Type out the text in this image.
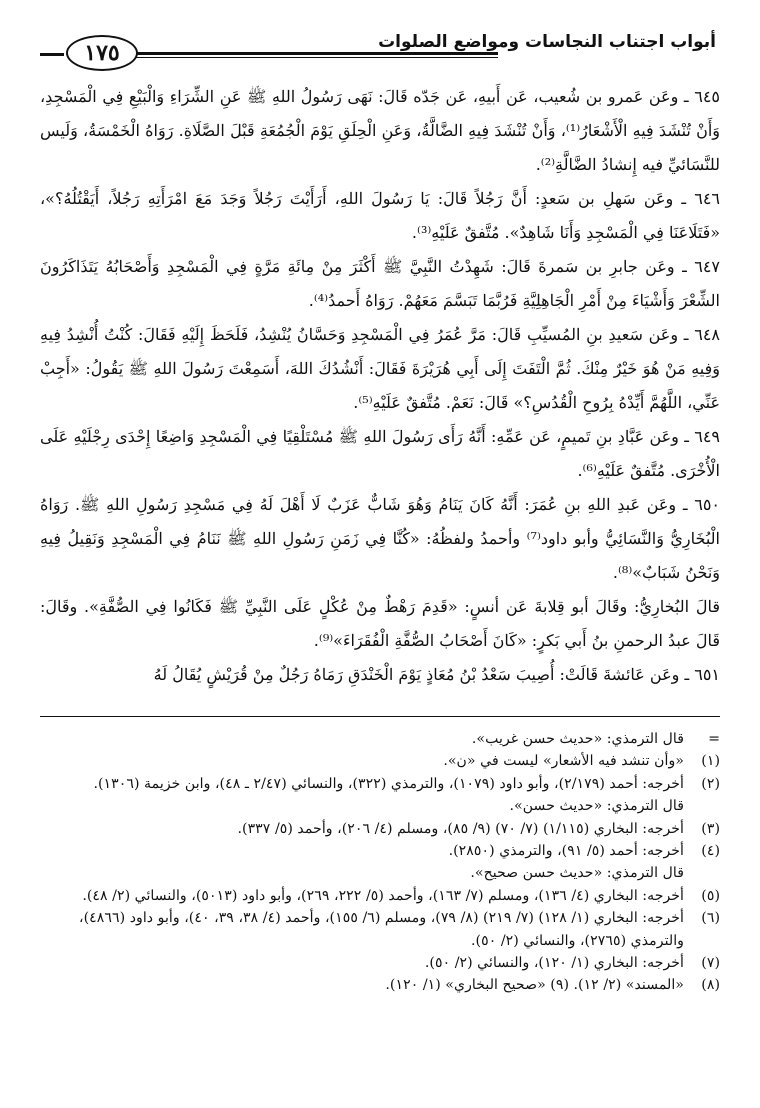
أبواب اجتناب النجاسات ومواضع الصلوات
١٧٥

٦٤٥ ـ وعَن عَمرو بن شُعيب، عَن أَبيهِ، عَن جَدّه قَالَ: نَهَى رَسُولُ اللهِ ﷺ عَنِ الشِّرَاءِ وَالْبَيْعِ فِي الْمَسْجِدِ، وَأَنْ تُنْشَدَ فِيهِ الْأَشْعَارُ⁽¹⁾، وَأَنْ تُنْشَدَ فِيهِ الضَّالَّةُ، وَعَنِ الْحِلَقِ يَوْمَ الْجُمُعَةِ قَبْلَ الصَّلَاةِ. رَوَاهُ الْخَمْسَةُ، وَلَيس للنَّسَائيِّ فيه إِنشادُ الضَّالَّةِ⁽²⁾.

٦٤٦ ـ وعَن سَهلِ بن سَعدٍ: أَنَّ رَجُلاً قَالَ: يَا رَسُولَ اللهِ، أَرَأَيْتَ رَجُلاً وَجَدَ مَعَ امْرَأَتِهِ رَجُلاً، أَيَقْتُلُهُ؟»، «فَتَلَاعَنَا فِي الْمَسْجِدِ وَأَنَا شَاهِدٌ». مُتَّفقٌ عَلَيْهِ⁽³⁾.

٦٤٧ ـ وعَن جابرِ بن سَمرةَ قَالَ: شَهِدْتُ النَّبِيَّ ﷺ أَكْثَرَ مِنْ مِائَةِ مَرَّةٍ فِي الْمَسْجِدِ وَأَصْحَابُهُ يَتَذَاكَرُونَ الشِّعْرَ وَأَشْيَاءَ مِنْ أَمْرِ الْجَاهِلِيَّةِ فَرُبَّمَا تَبَسَّمَ مَعَهُمْ. رَوَاهُ أَحمدُ⁽⁴⁾.

٦٤٨ ـ وعَن سَعيدِ بنِ المُسيِّبِ قَالَ: مَرَّ عُمَرُ فِي الْمَسْجِدِ وَحَسَّانُ يُنْشِدُ، فَلَحَظَ إِلَيْهِ فَقَالَ: كُنْتُ أُنْشِدُ فِيهِ وَفِيهِ مَنْ هُوَ خَيْرٌ مِنْكَ. ثُمَّ الْتَفَتَ إِلَى أَبِي هُرَيْرَةَ فَقَالَ: أَنْشُدُكَ اللهَ، أَسَمِعْتَ رَسُولَ اللهِ ﷺ يَقُولُ: «أَجِبْ عَنِّي، اللَّهُمَّ أَيِّدْهُ بِرُوحِ الْقُدُسِ؟» قَالَ: نَعَمْ. مُتَّفقٌ عَلَيْهِ⁽⁵⁾.

٦٤٩ ـ وعَن عَبَّادِ بنِ تَميمٍ، عَن عَمِّهِ: أَنَّهُ رَأَى رَسُولَ اللهِ ﷺ مُسْتَلْقِيًا فِي الْمَسْجِدِ وَاضِعًا إِحْدَى رِجْلَيْهِ عَلَى الْأُخْرَى. مُتَّفقٌ عَلَيْهِ⁽⁶⁾.

٦٥٠ ـ وعَن عَبدِ اللهِ بنِ عُمَرَ: أَنَّهُ كَانَ يَنَامُ وَهُوَ شَابٌّ عَزَبٌ لَا أَهْلَ لَهُ فِي مَسْجِدِ رَسُولِ اللهِ ﷺ. رَوَاهُ الْبُخَارِيُّ وَالنَّسَائِيُّ وأبو داود⁽⁷⁾ وأحمدُ ولفظُهُ: «كُنَّا فِي زَمَنِ رَسُولِ اللهِ ﷺ نَنَامُ فِي الْمَسْجِدِ وَنَقِيلُ فِيهِ وَنَحْنُ شَبَابٌ»⁽⁸⁾.

قالَ البُخارِيُّ: وقَالَ أبو قِلابةَ عَن أنسٍ: «قَدِمَ رَهْطٌ مِنْ عُكْلٍ عَلَى النَّبِيِّ ﷺ فَكَانُوا فِي الصُّفَّةِ». وقَالَ: قَالَ عبدُ الرحمنِ بنُ أَبي بَكرٍ: «كَانَ أَصْحَابُ الصُّفَّةِ الْفُقَرَاءَ»⁽⁹⁾.

٦٥١ ـ وعَن عَائشةَ قَالَتْ: أُصِيبَ سَعْدُ بْنُ مُعَاذٍ يَوْمَ الْخَنْدَقِ رَمَاهُ رَجُلٌ مِنْ قُرَيْشٍ يُقَالُ لَهُ

=
قال الترمذي: «حديث حسن غريب».
(١)
«وأن تنشد فيه الأشعار» ليست في «ن».
(٢)
أخرجه: أحمد (٢/١٧٩)، وأبو داود (١٠٧٩)، والترمذي (٣٢٢)، والنسائي (٢/٤٧ ـ ٤٨)، وابن خزيمة (١٣٠٦).
قال الترمذي: «حديث حسن».
(٣)
أخرجه: البخاري (١/١١٥) (٧/ ٧٠) (٩/ ٨٥)، ومسلم (٤/ ٢٠٦)، وأحمد (٥/ ٣٣٧).
(٤)
أخرجه: أحمد (٥/ ٩١)، والترمذي (٢٨٥٠).
قال الترمذي: «حديث حسن صحيح».
(٥)
أخرجه: البخاري (٤/ ١٣٦)، ومسلم (٧/ ١٦٣)، وأحمد (٥/ ٢٢٢، ٢٦٩)، وأبو داود (٥٠١٣)، والنسائي (٢/ ٤٨).
(٦)
أخرجه: البخاري (١/ ١٢٨) (٧/ ٢١٩) (٨/ ٧٩)، ومسلم (٦/ ١٥٥)، وأحمد (٤/ ٣٨، ٣٩، ٤٠)، وأبو داود (٤٨٦٦)، والترمذي (٢٧٦٥)، والنسائي (٢/ ٥٠).
(٧)
أخرجه: البخاري (١/ ١٢٠)، والنسائي (٢/ ٥٠).
(٨)
«المسند» (٢/ ١٢). (٩) «صحيح البخاري» (١/ ١٢٠).
